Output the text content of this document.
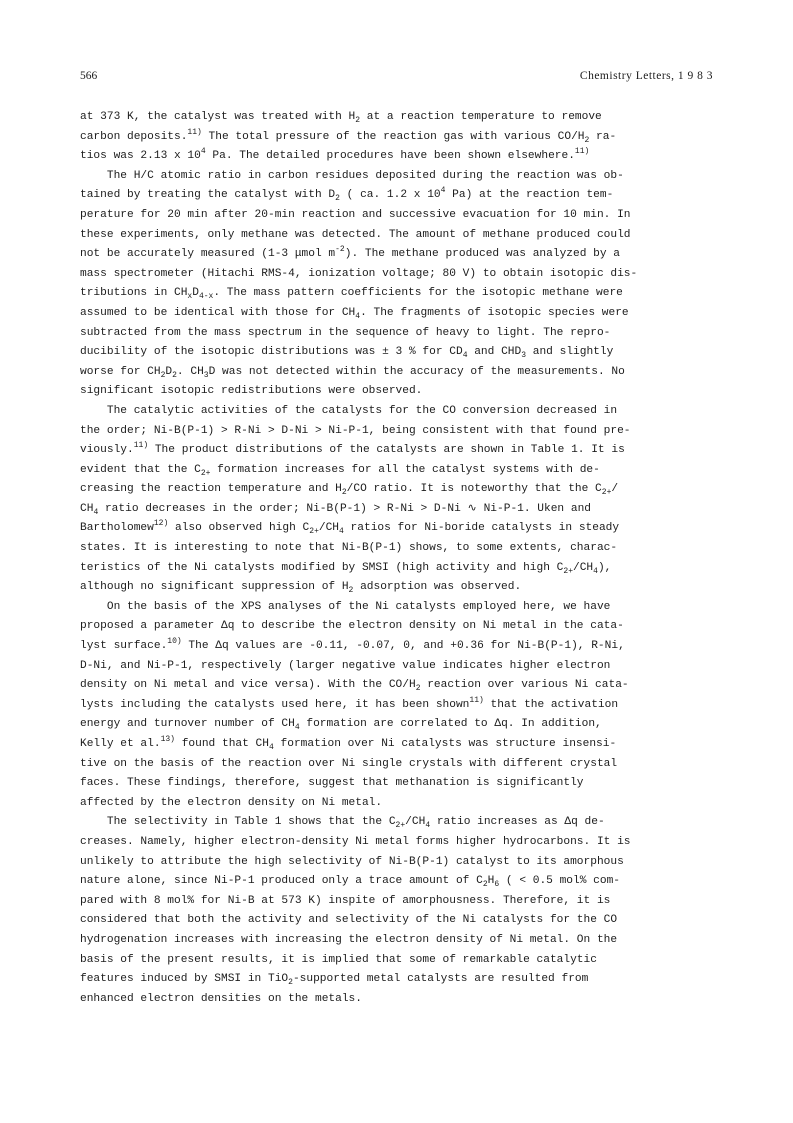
566	Chemistry Letters, 1 9 8 3
at 373 K, the catalyst was treated with $H_2$ at a reaction temperature to remove
carbon deposits.$^{11)}$ The total pressure of the reaction gas with various $CO/H_2$ ra-
tios was 2.13 x $10^4$ Pa. The detailed procedures have been shown elsewhere.$^{11)}$
The H/C atomic ratio in carbon residues deposited during the reaction was ob-
tained by treating the catalyst with $D_2$ ( ca. 1.2 x $10^4$ Pa) at the reaction tem-
perature for 20 min after 20-min reaction and successive evacuation for 10 min. In
these experiments, only methane was detected. The amount of methane produced could
not be accurately measured (1-3 μmol $m^{-2}$). The methane produced was analyzed by a
mass spectrometer (Hitachi RMS-4, ionization voltage; 80 V) to obtain isotopic dis-
tributions in $CH_xD_{4-x}$. The mass pattern coefficients for the isotopic methane were
assumed to be identical with those for $CH_4$. The fragments of isotopic species were
subtracted from the mass spectrum in the sequence of heavy to light. The repro-
ducibility of the isotopic distributions was ± 3 % for $CD_4$ and $CHD_3$ and slightly
worse for $CH_2D_2$. $CH_3D$ was not detected within the accuracy of the measurements. No
significant isotopic redistributions were observed.
The catalytic activities of the catalysts for the CO conversion decreased in
the order; Ni-B(P-1) > R-Ni > D-Ni > Ni-P-1, being consistent with that found pre-
viously.$^{11)}$ The product distributions of the catalysts are shown in Table 1. It is
evident that the $C_{2+}$ formation increases for all the catalyst systems with de-
creasing the reaction temperature and $H_2/CO$ ratio. It is noteworthy that the $C_{2+}/$
$CH_4$ ratio decreases in the order; Ni-B(P-1) > R-Ni > D-Ni ∿ Ni-P-1. Uken and
Bartholomew$^{12)}$ also observed high $C_{2+}/CH_4$ ratios for Ni-boride catalysts in steady
states. It is interesting to note that Ni-B(P-1) shows, to some extents, charac-
teristics of the Ni catalysts modified by SMSI (high activity and high $C_{2+}/CH_4$),
although no significant suppression of $H_2$ adsorption was observed.
On the basis of the XPS analyses of the Ni catalysts employed here, we have
proposed a parameter Δq to describe the electron density on Ni metal in the cata-
lyst surface.$^{10)}$ The Δq values are -0.11, -0.07, 0, and +0.36 for Ni-B(P-1), R-Ni,
D-Ni, and Ni-P-1, respectively (larger negative value indicates higher electron
density on Ni metal and vice versa). With the $CO/H_2$ reaction over various Ni cata-
lysts including the catalysts used here, it has been shown$^{11)}$ that the activation
energy and turnover number of $CH_4$ formation are correlated to Δq. In addition,
Kelly et al.$^{13)}$ found that $CH_4$ formation over Ni catalysts was structure insensi-
tive on the basis of the reaction over Ni single crystals with different crystal
faces. These findings, therefore, suggest that methanation is significantly
affected by the electron density on Ni metal.
The selectivity in Table 1 shows that the $C_{2+}/CH_4$ ratio increases as Δq de-
creases. Namely, higher electron-density Ni metal forms higher hydrocarbons. It is
unlikely to attribute the high selectivity of Ni-B(P-1) catalyst to its amorphous
nature alone, since Ni-P-1 produced only a trace amount of $C_2H_6$ ( < 0.5 mol% com-
pared with 8 mol% for Ni-B at 573 K) inspite of amorphousness. Therefore, it is
considered that both the activity and selectivity of the Ni catalysts for the CO
hydrogenation increases with increasing the electron density of Ni metal. On the
basis of the present results, it is implied that some of remarkable catalytic
features induced by SMSI in TiO$_2$-supported metal catalysts are resulted from
enhanced electron densities on the metals.
